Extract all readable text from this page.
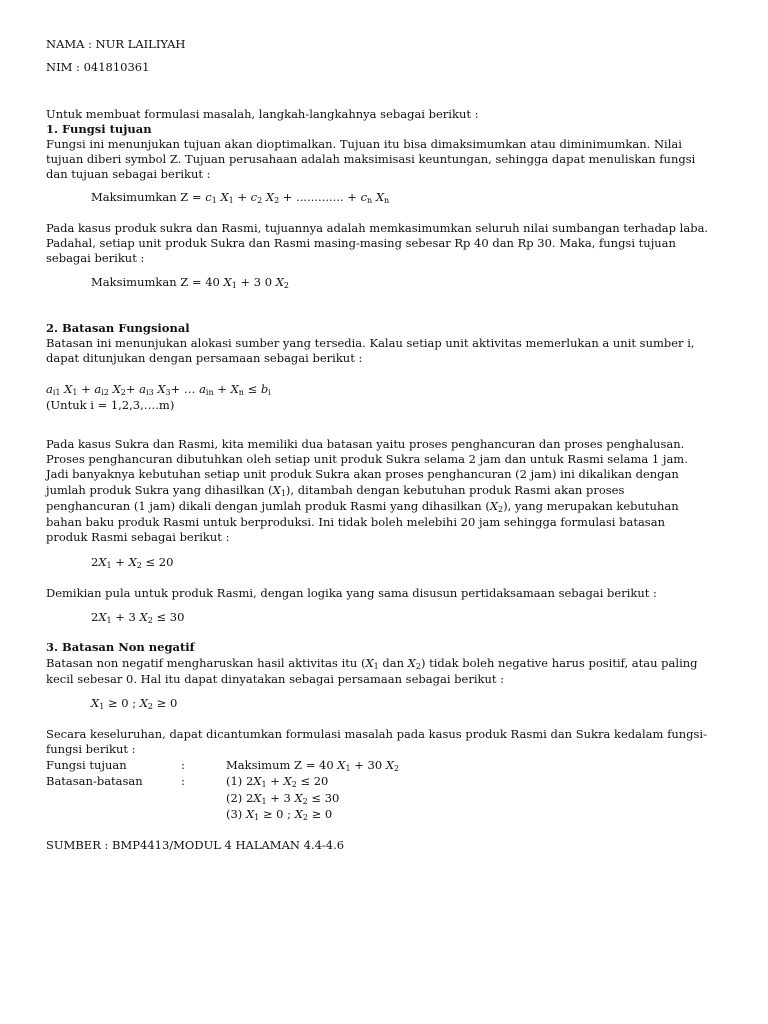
NAMA : NUR LAILIYAH
NIM : 041810361
Untuk membuat formulasi masalah, langkah-langkahnya sebagai berikut :
1. Fungsi tujuan
Fungsi ini menunjukan tujuan akan dioptimalkan. Tujuan itu bisa dimaksimumkan atau diminimumkan. Nilai
tujuan diberi symbol Z. Tujuan perusahaan adalah maksimisasi keuntungan, sehingga dapat menuliskan fungsi
dan tujuan sebagai berikut :
Maksimumkan $Z = c_1$ $X_1 + c_2$ $X_2$ + ............. + $c_n$ $X_n$
Pada kasus produk sukra dan Rasmi, tujuannya adalah memkasimumkan seluruh nilai sumbangan terhadap laba.
Padahal, setiap unit produk Sukra dan Rasmi masing-masing sebesar Rp 40 dan Rp 30. Maka, fungsi tujuan
sebagai berikut :
Maksimumkan Z = 40 $X_1 + 3$ 0 $X_2$
2. Batasan Fungsional
Batasan ini menunjukan alokasi sumber yang tersedia. Kalau setiap unit aktivitas memerlukan a unit sumber i,
dapat ditunjukan dengan persamaan sebagai berikut :
$a_{i1}$ $X_1 + a_{i2}$ $X_2+ a_{i3}$ $X_3+$ … $a_{in} + X_n \le b_i$
(Untuk i = 1,2,3,….m)
Pada kasus Sukra dan Rasmi, kita memiliki dua batasan yaitu proses penghancuran dan proses penghalusan.
Proses penghancuran dibutuhkan oleh setiap unit produk Sukra selama 2 jam dan untuk Rasmi selama 1 jam.
Jadi banyaknya kebutuhan setiap unit produk Sukra akan proses penghancuran (2 jam) ini dikalikan dengan
jumlah produk Sukra yang dihasilkan $(X_1)$, ditambah dengan kebutuhan produk Rasmi akan proses
penghancuran (1 jam) dikali dengan jumlah produk Rasmi yang dihasilkan $(X_2)$, yang merupakan kebutuhan
bahan baku produk Rasmi untuk berproduksi. Ini tidak boleh melebihi 20 jam sehingga formulasi batasan
produk Rasmi sebagai berikut :
$2X_1 + X_2 \le 20$
Demikian pula untuk produk Rasmi, dengan logika yang sama disusun pertidaksamaan sebagai berikut :
$2X_1 + 3$ $X_2 \le 30$
3. Batasan Non negatif
Batasan non negatif mengharuskan hasil aktivitas itu ($X_1$ dan $X_2$) tidak boleh negative harus positif, atau paling
kecil sebesar 0. Hal itu dapat dinyatakan sebagai persamaan sebagai berikut :
$X_1 \ge 0$ ; $X_2 \ge 0$
Secara keseluruhan, dapat dicantumkan formulasi masalah pada kasus produk Rasmi dan Sukra kedalam fungsi-
fungsi berikut :
Fungsi tujuan	:	Maksimum Z = 40 $X_1 + 30$ $X_2$
Batasan-batasan	:	(1) $2X_1 + X_2 \le 20$
(2) $2X_1 + 3$ $X_2 \le 30$
(3) $X_1 \ge 0$ ; $X_2 \ge 0$
SUMBER : BMP4413/MODUL 4 HALAMAN 4.4-4.6
